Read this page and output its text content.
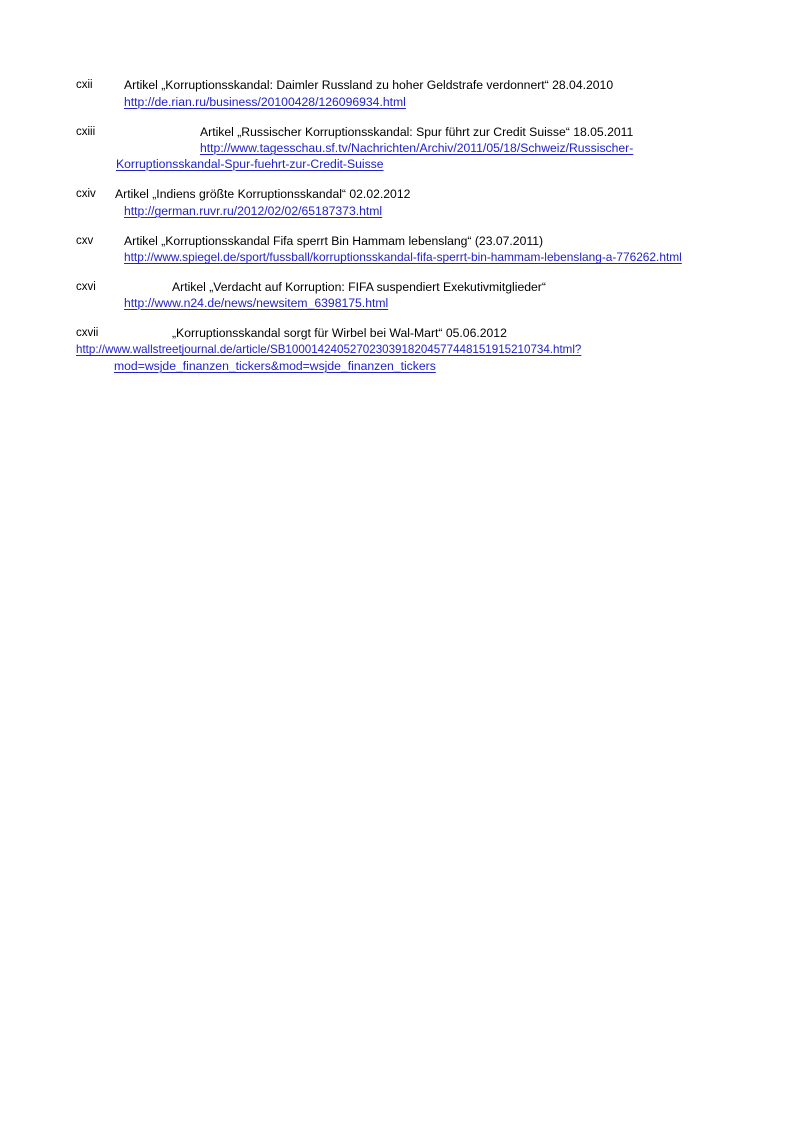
cxii	Artikel „Korruptionsskandal: Daimler Russland zu hoher Geldstrafe verdonnert“ 28.04.2010
http://de.rian.ru/business/20100428/126096934.html
cxiii	Artikel „Russischer Korruptionsskandal: Spur führt zur Credit Suisse“ 18.05.2011
http://www.tagesschau.sf.tv/Nachrichten/Archiv/2011/05/18/Schweiz/Russischer-
Korruptionsskandal-Spur-fuehrt-zur-Credit-Suisse
cxiv Artikel „Indiens größte Korruptionsskandal“ 02.02.2012
http://german.ruvr.ru/2012/02/02/65187373.html
cxv	Artikel „Korruptionsskandal Fifa sperrt Bin Hammam lebenslang“ (23.07.2011)
http://www.spiegel.de/sport/fussball/korruptionsskandal-fifa-sperrt-bin-hammam-lebenslang-a-776262.html
cxvi	Artikel „Verdacht auf Korruption: FIFA suspendiert Exekutivmitglieder“
http://www.n24.de/news/newsitem_6398175.html
cxvii	„Korruptionsskandal sorgt für Wirbel bei Wal-Mart“ 05.06.2012
http://www.wallstreetjournal.de/article/SB10001424052702303918204577448151915210734.html?
mod=wsjde_finanzen_tickers&mod=wsjde_finanzen_tickers
